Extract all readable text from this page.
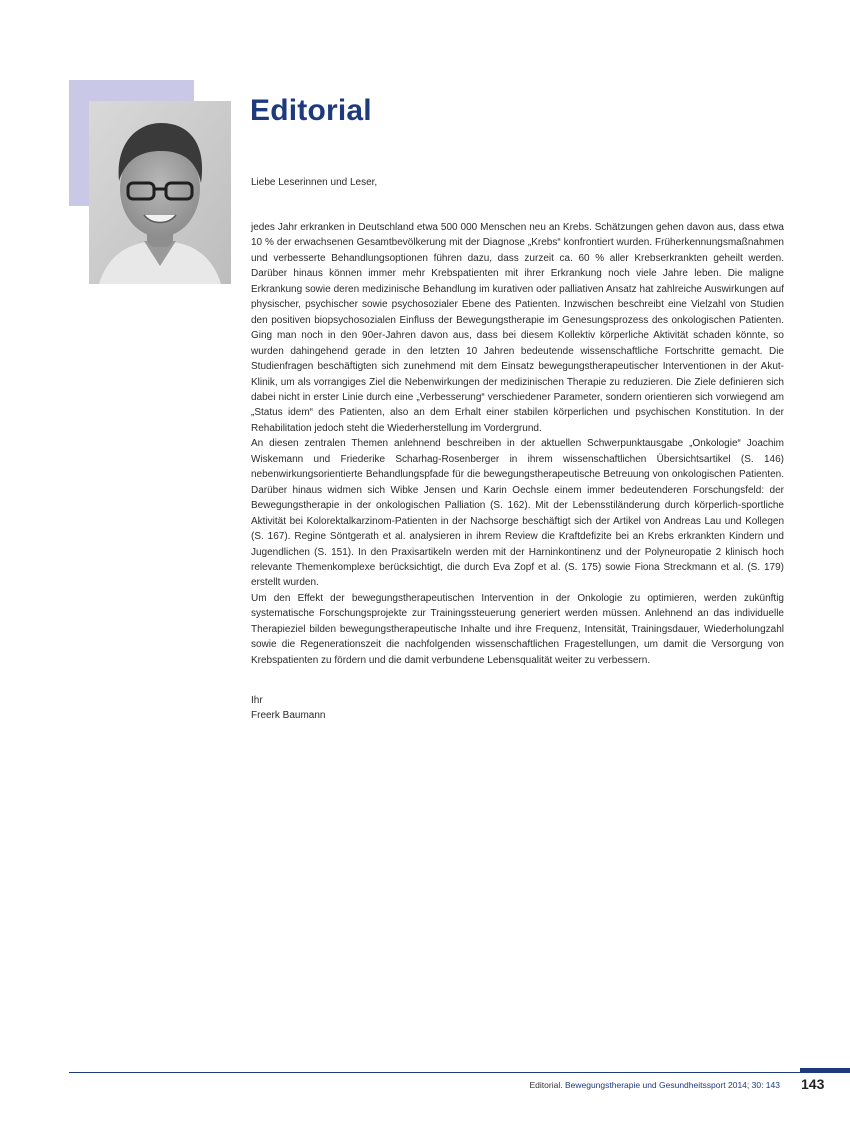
Editorial
Liebe Leserinnen und Leser,

jedes Jahr erkranken in Deutschland etwa 500 000 Menschen neu an Krebs. Schätzungen gehen davon aus, dass etwa 10 % der erwachsenen Gesamtbevölkerung mit der Diagnose „Krebs“ konfrontiert wurden. Früherkennungsmaßnahmen und verbesserte Behandlungsoptionen führen dazu, dass zurzeit ca. 60 % aller Krebserkrankten geheilt werden. Darüber hinaus können immer mehr Krebspatienten mit ihrer Erkrankung noch viele Jahre leben. Die maligne Erkrankung sowie deren medizinische Behandlung im kurativen oder palliativen Ansatz hat zahlreiche Auswirkungen auf physischer, psychischer sowie psychosozialer Ebene des Patienten. Inzwischen beschreibt eine Vielzahl von Studien den positiven biopsychosozialen Einfluss der Bewegungstherapie im Genesungsprozess des onkologischen Patienten. Ging man noch in den 90er-Jahren davon aus, dass bei diesem Kollektiv körperliche Aktivität schaden könnte, so wurden dahingehend gerade in den letzten 10 Jahren bedeutende wissenschaftliche Fortschritte gemacht. Die Studienfragen beschäftigten sich zunehmend mit dem Einsatz bewegungstherapeutischer Interventionen in der Akut-Klinik, um als vorrangiges Ziel die Nebenwirkungen der medizinischen Therapie zu reduzieren. Die Ziele definieren sich dabei nicht in erster Linie durch eine „Verbesserung“ verschiedener Parameter, sondern orientieren sich vorwiegend am „Status idem“ des Patienten, also an dem Erhalt einer stabilen körperlichen und psychischen Konstitution. In der Rehabilitation jedoch steht die Wiederherstellung im Vordergrund.

An diesen zentralen Themen anlehnend beschreiben in der aktuellen Schwerpunktausgabe „Onkologie“ Joachim Wiskemann und Friederike Scharhag-Rosenberger in ihrem wissenschaftlichen Übersichtsartikel (S. 146) nebenwirkungsorientierte Behandlungspfade für die bewegungstherapeutische Betreuung von onkologischen Patienten. Darüber hinaus widmen sich Wibke Jensen und Karin Oechsle einem immer bedeutenderen Forschungsfeld: der Bewegungstherapie in der onkologischen Palliation (S. 162). Mit der Lebensstiländerung durch körperlich-sportliche Aktivität bei Kolorektalkarzinom-Patienten in der Nachsorge beschäftigt sich der Artikel von Andreas Lau und Kollegen (S. 167). Regine Söntgerath et al. analysieren in ihrem Review die Kraftdefizite bei an Krebs erkrankten Kindern und Jugendlichen (S. 151). In den Praxisartikeln werden mit der Harninkontinenz und der Polyneuropatie 2 klinisch hoch relevante Themenkomplexe berücksichtigt, die durch Eva Zopf et al. (S. 175) sowie Fiona Streckmann et al. (S. 179) erstellt wurden.

Um den Effekt der bewegungstherapeutischen Intervention in der Onkologie zu optimieren, werden zukünftig systematische Forschungsprojekte zur Trainingssteuerung generiert werden müssen. Anlehnend an das individuelle Therapieziel bilden bewegungstherapeutische Inhalte und ihre Frequenz, Intensität, Trainingsdauer, Wiederholungzahl sowie die Regenerationszeit die nachfolgenden wissenschaftlichen Fragestellungen, um damit die Versorgung von Krebspatienten zu fördern und die damit verbundene Lebensqualität weiter zu verbessern.

Ihr
Freerk Baumann
Editorial. Bewegungstherapie und Gesundheitssport 2014; 30: 143 143
